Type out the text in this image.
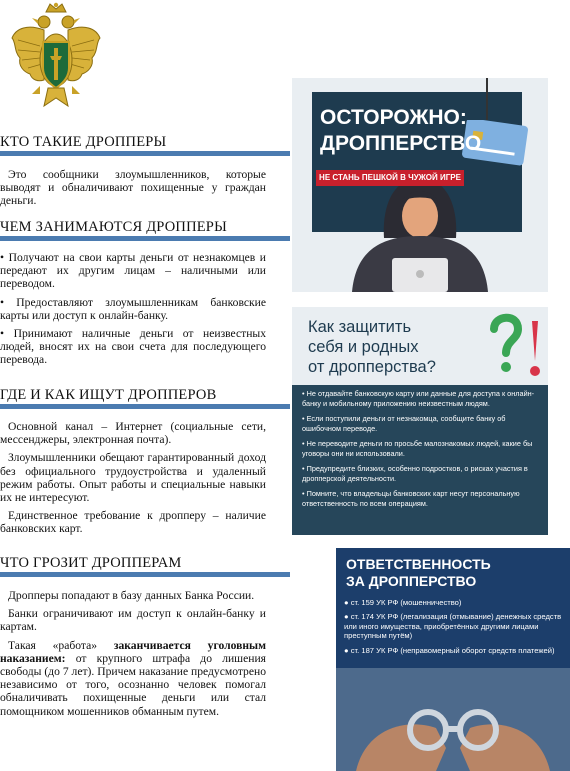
КТО ТАКИЕ ДРОППЕРЫ

Это сообщники злоумышленников, которые выводят и обналичивают похищенные у граждан деньги.

ЧЕМ ЗАНИМАЮТСЯ ДРОППЕРЫ

• Получают на свои карты деньги от незнакомцев и передают их другим лицам – наличными или переводом.

• Предоставляют злоумышленникам банковские карты или доступ к онлайн-банку.

• Принимают наличные деньги от неизвестных людей, вносят их на свои счета для последующего перевода.

ГДЕ И КАК ИЩУТ ДРОППЕРОВ

Основной канал – Интернет (социальные сети, мессенджеры, электронная почта).

Злоумышленники обещают гарантированный доход без официального трудоустройства и удаленный режим работы. Опыт работы и специальные навыки их не интересуют.

Единственное требование к дропперу – наличие банковских карт.

ЧТО ГРОЗИТ ДРОППЕРАМ

Дропперы попадают в базу данных Банка России.

Банки ограничивают им доступ к онлайн-банку и картам.

Такая «работа» заканчивается уголовным наказанием: от крупного штрафа до лишения свободы (до 7 лет). Причем наказание предусмотрено независимо от того, осознанно человек помогал обналичивать похищенные деньги или стал помощником мошенников обманным путем.

ОСТОРОЖНО:
ДРОППЕРСТВО
НЕ СТАНЬ ПЕШКОЙ В ЧУЖОЙ ИГРЕ
Как защитить
себя и родных
от дропперства?
• Не отдавайте банковскую карту или данные для доступа к онлайн-банку и мобильному приложению неизвестным людям.
• Если поступили деньги от незнакомца, сообщите банку об ошибочном переводе.
• Не переводите деньги по просьбе малознакомых людей, какие бы уговоры они ни использовали.
• Предупредите близких, особенно подростков, о рисках участия в дропперской деятельности.
• Помните, что владельцы банковских карт несут персональную ответственность по всем операциям.
ОТВЕТСТВЕННОСТЬ
ЗА ДРОППЕРСТВО
● ст. 159 УК РФ (мошенничество)
● ст. 174 УК РФ (легализация (отмывание) денежных средств или иного имущества, приобретённых другими лицами преступным путём)
● ст. 187 УК РФ (неправомерный оборот средств платежей)
